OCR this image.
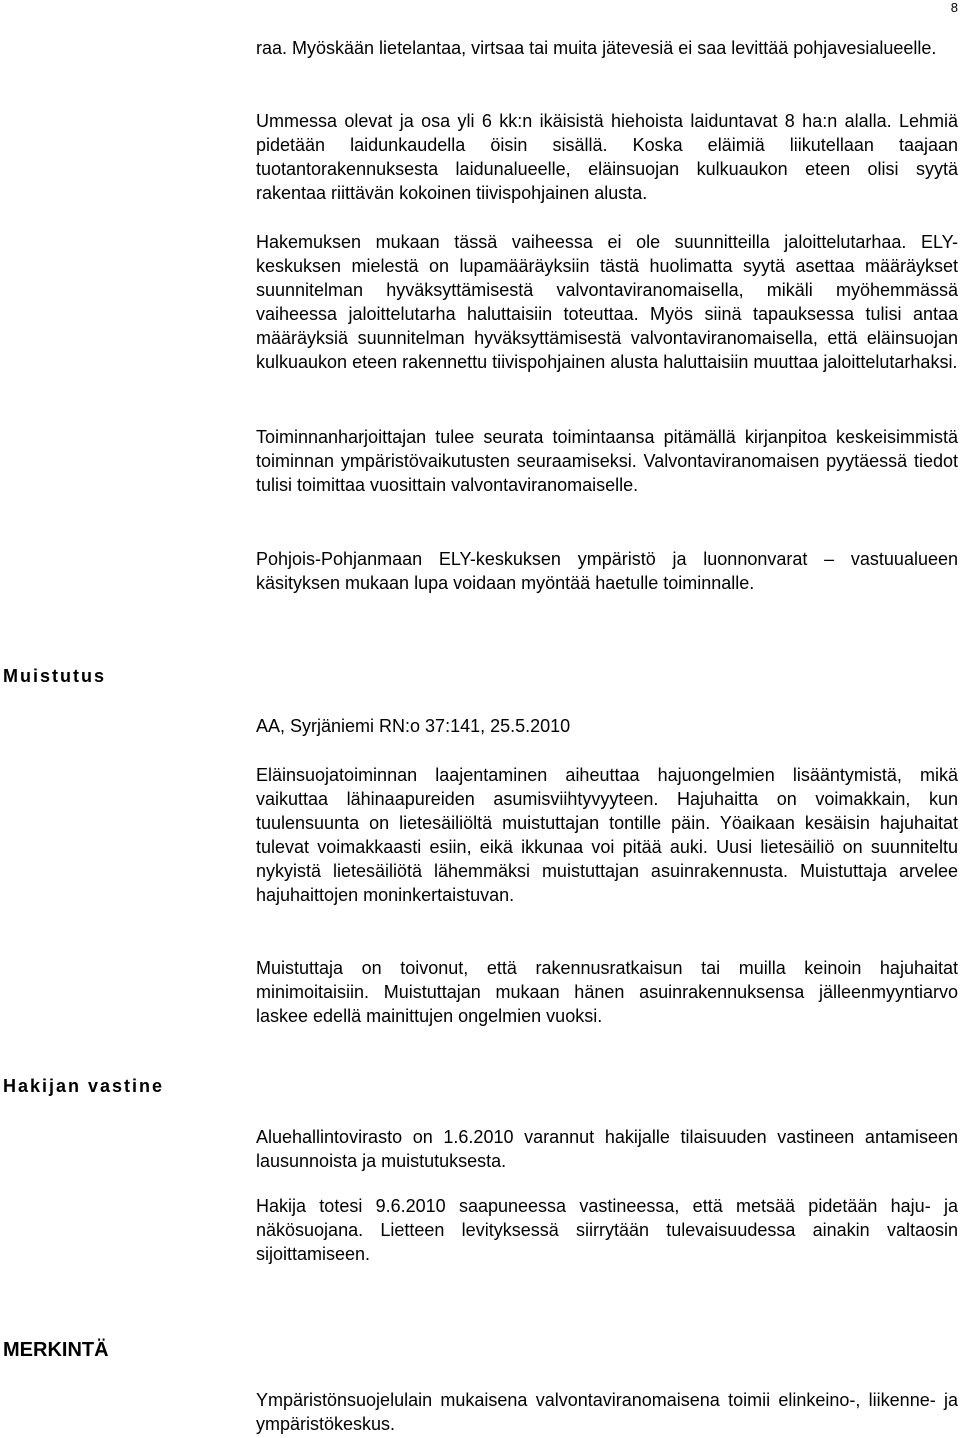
8

raa. Myöskään lietelantaa, virtsaa tai muita jätevesiä ei saa levittää pohjavesialueelle.

Ummessa olevat ja osa yli 6 kk:n ikäisistä hiehoista laiduntavat 8 ha:n alalla. Lehmiä pidetään laidunkaudella öisin sisällä. Koska eläimiä liikutellaan taajaan tuotantorakennuksesta laidunalueelle, eläinsuojan kulkuaukon eteen olisi syytä rakentaa riittävän kokoinen tiivispohjainen alusta.

Hakemuksen mukaan tässä vaiheessa ei ole suunnitteilla jaloittelutarhaa. ELY-keskuksen mielestä on lupamääräyksiin tästä huolimatta syytä asettaa määräykset suunnitelman hyväksyttämisestä valvontaviranomaisella, mikäli myöhemmässä vaiheessa jaloittelutarha haluttaisiin toteuttaa. Myös siinä tapauksessa tulisi antaa määräyksiä suunnitelman hyväksyttämisestä valvontaviranomaisella, että eläinsuojan kulkuaukon eteen rakennettu tiivispohjainen alusta haluttaisiin muuttaa jaloittelutarhaksi.

Toiminnanharjoittajan tulee seurata toimintaansa pitämällä kirjanpitoa keskeisimmistä toiminnan ympäristövaikutusten seuraamiseksi. Valvontaviranomaisen pyytäessä tiedot tulisi toimittaa vuosittain valvontaviranomaiselle.

Pohjois-Pohjanmaan ELY-keskuksen ympäristö ja luonnonvarat – vastuualueen käsityksen mukaan lupa voidaan myöntää haetulle toiminnalle.

Muistutus

AA, Syrjäniemi RN:o 37:141, 25.5.2010

Eläinsuojatoiminnan laajentaminen aiheuttaa hajuongelmien lisääntymistä, mikä vaikuttaa lähinaapureiden asumisviihtyvyyteen. Hajuhaitta on voimakkain, kun tuulensuunta on lietesäiliöltä muistuttajan tontille päin. Yöaikaan kesäisin hajuhaitat tulevat voimakkaasti esiin, eikä ikkunaa voi pitää auki. Uusi lietesäiliö on suunniteltu nykyistä lietesäiliötä lähemmäksi muistuttajan asuinrakennusta. Muistuttaja arvelee hajuhaittojen moninkertaistuvan.

Muistuttaja on toivonut, että rakennusratkaisun tai muilla keinoin hajuhaitat minimoitaisiin. Muistuttajan mukaan hänen asuinrakennuksensa jälleenmyyntiarvo laskee edellä mainittujen ongelmien vuoksi.

Hakijan vastine

Aluehallintovirasto on 1.6.2010 varannut hakijalle tilaisuuden vastineen antamiseen lausunnoista ja muistutuksesta.

Hakija totesi 9.6.2010 saapuneessa vastineessa, että metsää pidetään haju- ja näkösuojana. Lietteen levityksessä siirrytään tulevaisuudessa ainakin valtaosin sijoittamiseen.

MERKINTÄ

Ympäristönsuojelulain mukaisena valvontaviranomaisena toimii elinkeino-, liikenne- ja ympäristökeskus.
